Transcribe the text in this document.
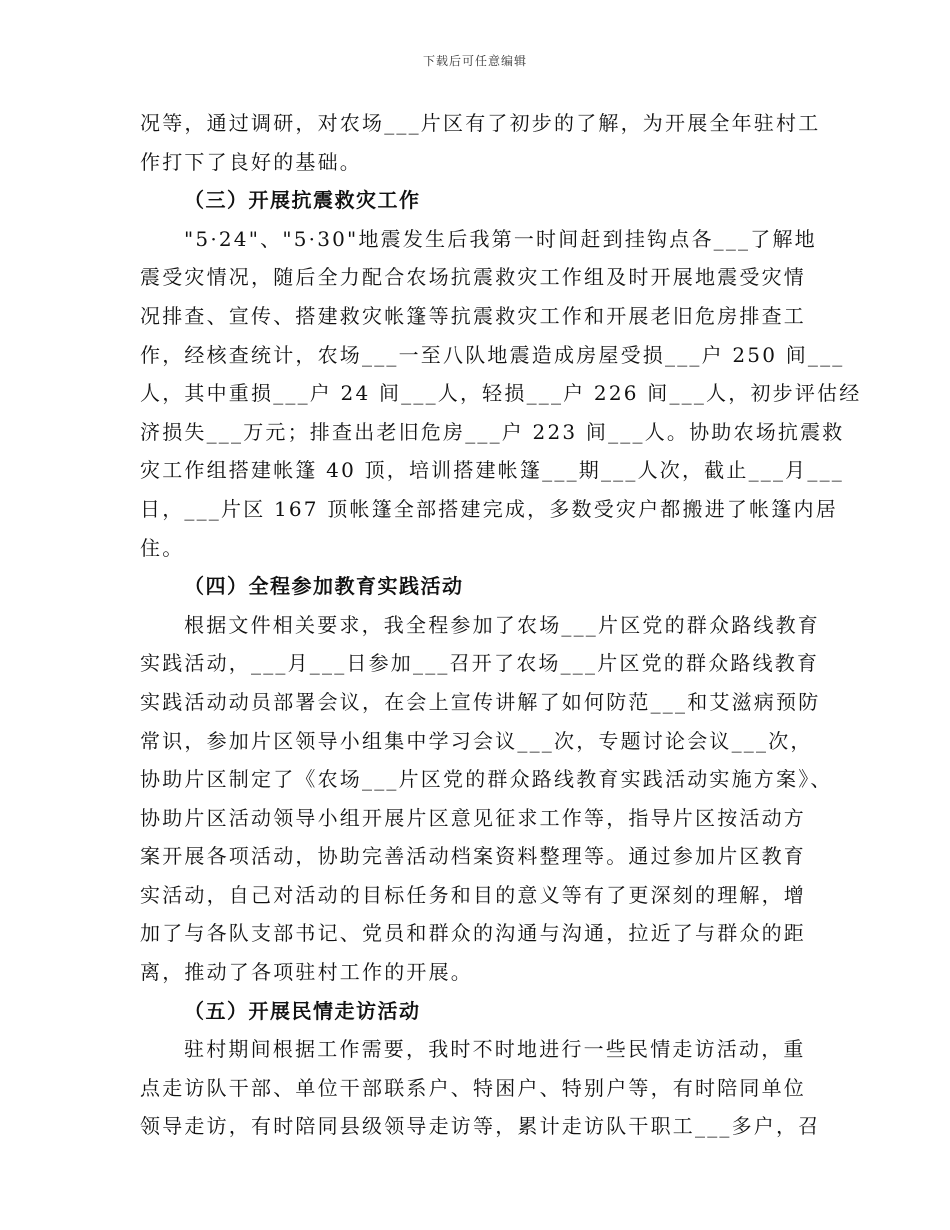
下载后可任意编辑
况等，通过调研，对农场___片区有了初步的了解，为开展全年驻村工
作打下了良好的基础。
（三）开展抗震救灾工作
"5·24"、"5·30"地震发生后我第一时间赶到挂钩点各___了解地
震受灾情况，随后全力配合农场抗震救灾工作组及时开展地震受灾情
况排查、宣传、搭建救灾帐篷等抗震救灾工作和开展老旧危房排查工
作，经核查统计，农场___一至八队地震造成房屋受损___户 250 间___
人，其中重损___户 24 间___人，轻损___户 226 间___人，初步评估经
济损失___万元；排查出老旧危房___户 223 间___人。协助农场抗震救
灾工作组搭建帐篷 40 顶，培训搭建帐篷___期___人次，截止___月___
日，___片区 167 顶帐篷全部搭建完成，多数受灾户都搬进了帐篷内居
住。
（四）全程参加教育实践活动
根据文件相关要求，我全程参加了农场___片区党的群众路线教育
实践活动，___月___日参加___召开了农场___片区党的群众路线教育
实践活动动员部署会议，在会上宣传讲解了如何防范___和艾滋病预防
常识，参加片区领导小组集中学习会议___次，专题讨论会议___次，
协助片区制定了《农场___片区党的群众路线教育实践活动实施方案》、
协助片区活动领导小组开展片区意见征求工作等，指导片区按活动方
案开展各项活动，协助完善活动档案资料整理等。通过参加片区教育
实活动，自己对活动的目标任务和目的意义等有了更深刻的理解，增
加了与各队支部书记、党员和群众的沟通与沟通，拉近了与群众的距
离，推动了各项驻村工作的开展。
（五）开展民情走访活动
驻村期间根据工作需要，我时不时地进行一些民情走访活动，重
点走访队干部、单位干部联系户、特困户、特别户等，有时陪同单位
领导走访，有时陪同县级领导走访等，累计走访队干职工___多户，召
